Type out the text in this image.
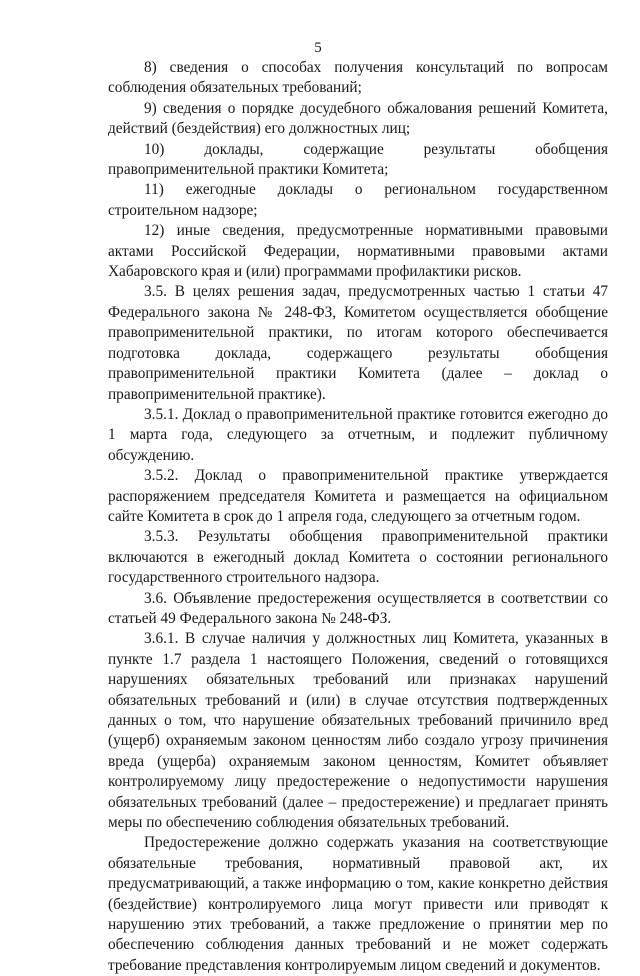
5

8) сведения о способах получения консультаций по вопросам соблюдения обязательных требований;

9) сведения о порядке досудебного обжалования решений Комитета, действий (бездействия) его должностных лиц;

10) доклады, содержащие результаты обобщения правоприменительной практики Комитета;

11) ежегодные доклады о региональном государственном строительном надзоре;

12) иные сведения, предусмотренные нормативными правовыми актами Российской Федерации, нормативными правовыми актами Хабаровского края и (или) программами профилактики рисков.

3.5. В целях решения задач, предусмотренных частью 1 статьи 47 Федерального закона № 248-ФЗ, Комитетом осуществляется обобщение правоприменительной практики, по итогам которого обеспечивается подготовка доклада, содержащего результаты обобщения правоприменительной практики Комитета (далее – доклад о правоприменительной практике).

3.5.1. Доклад о правоприменительной практике готовится ежегодно до 1 марта года, следующего за отчетным, и подлежит публичному обсуждению.

3.5.2. Доклад о правоприменительной практике утверждается распоряжением председателя Комитета и размещается на официальном сайте Комитета в срок до 1 апреля года, следующего за отчетным годом.

3.5.3. Результаты обобщения правоприменительной практики включаются в ежегодный доклад Комитета о состоянии регионального государственного строительного надзора.

3.6. Объявление предостережения осуществляется в соответствии со статьей 49 Федерального закона № 248-ФЗ.

3.6.1. В случае наличия у должностных лиц Комитета, указанных в пункте 1.7 раздела 1 настоящего Положения, сведений о готовящихся нарушениях обязательных требований или признаках нарушений обязательных требований и (или) в случае отсутствия подтвержденных данных о том, что нарушение обязательных требований причинило вред (ущерб) охраняемым законом ценностям либо создало угрозу причинения вреда (ущерба) охраняемым законом ценностям, Комитет объявляет контролируемому лицу предостережение о недопустимости нарушения обязательных требований (далее – предостережение) и предлагает принять меры по обеспечению соблюдения обязательных требований.

Предостережение должно содержать указания на соответствующие обязательные требования, нормативный правовой акт, их предусматривающий, а также информацию о том, какие конкретно действия (бездействие) контролируемого лица могут привести или приводят к нарушению этих требований, а также предложение о принятии мер по обеспечению соблюдения данных требований и не может содержать требование представления контролируемым лицом сведений и документов.
